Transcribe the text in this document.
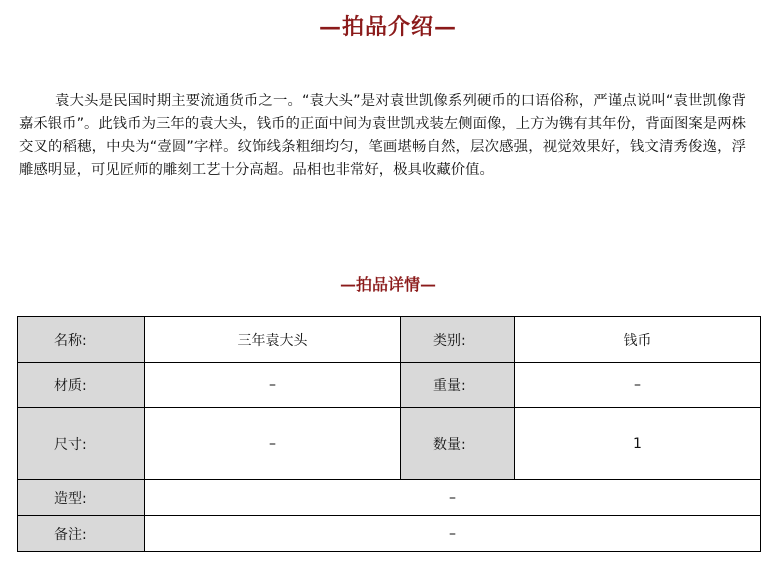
—拍品介绍—

袁大头是民国时期主要流通货币之一。“袁大头”是对袁世凯像系列硬币的口语俗称，严谨点说叫“袁世凯像背嘉禾银币”。此钱币为三年的袁大头，钱币的正面中间为袁世凯戎装左侧面像，上方为镌有其年份，背面图案是两株交叉的稻穗，中央为“壹圆”字样。纹饰线条粗细均匀，笔画堪畅自然，层次感强，视觉效果好，钱文清秀俊逸，浮雕感明显，可见匠师的雕刻工艺十分高超。品相也非常好，极具收藏价值。

—拍品详情—
名称:	三年袁大头	类别:	钱币
材质:	–	重量:	–
尺寸:	–	数量:	1
造型:	–		
备注:	–		
